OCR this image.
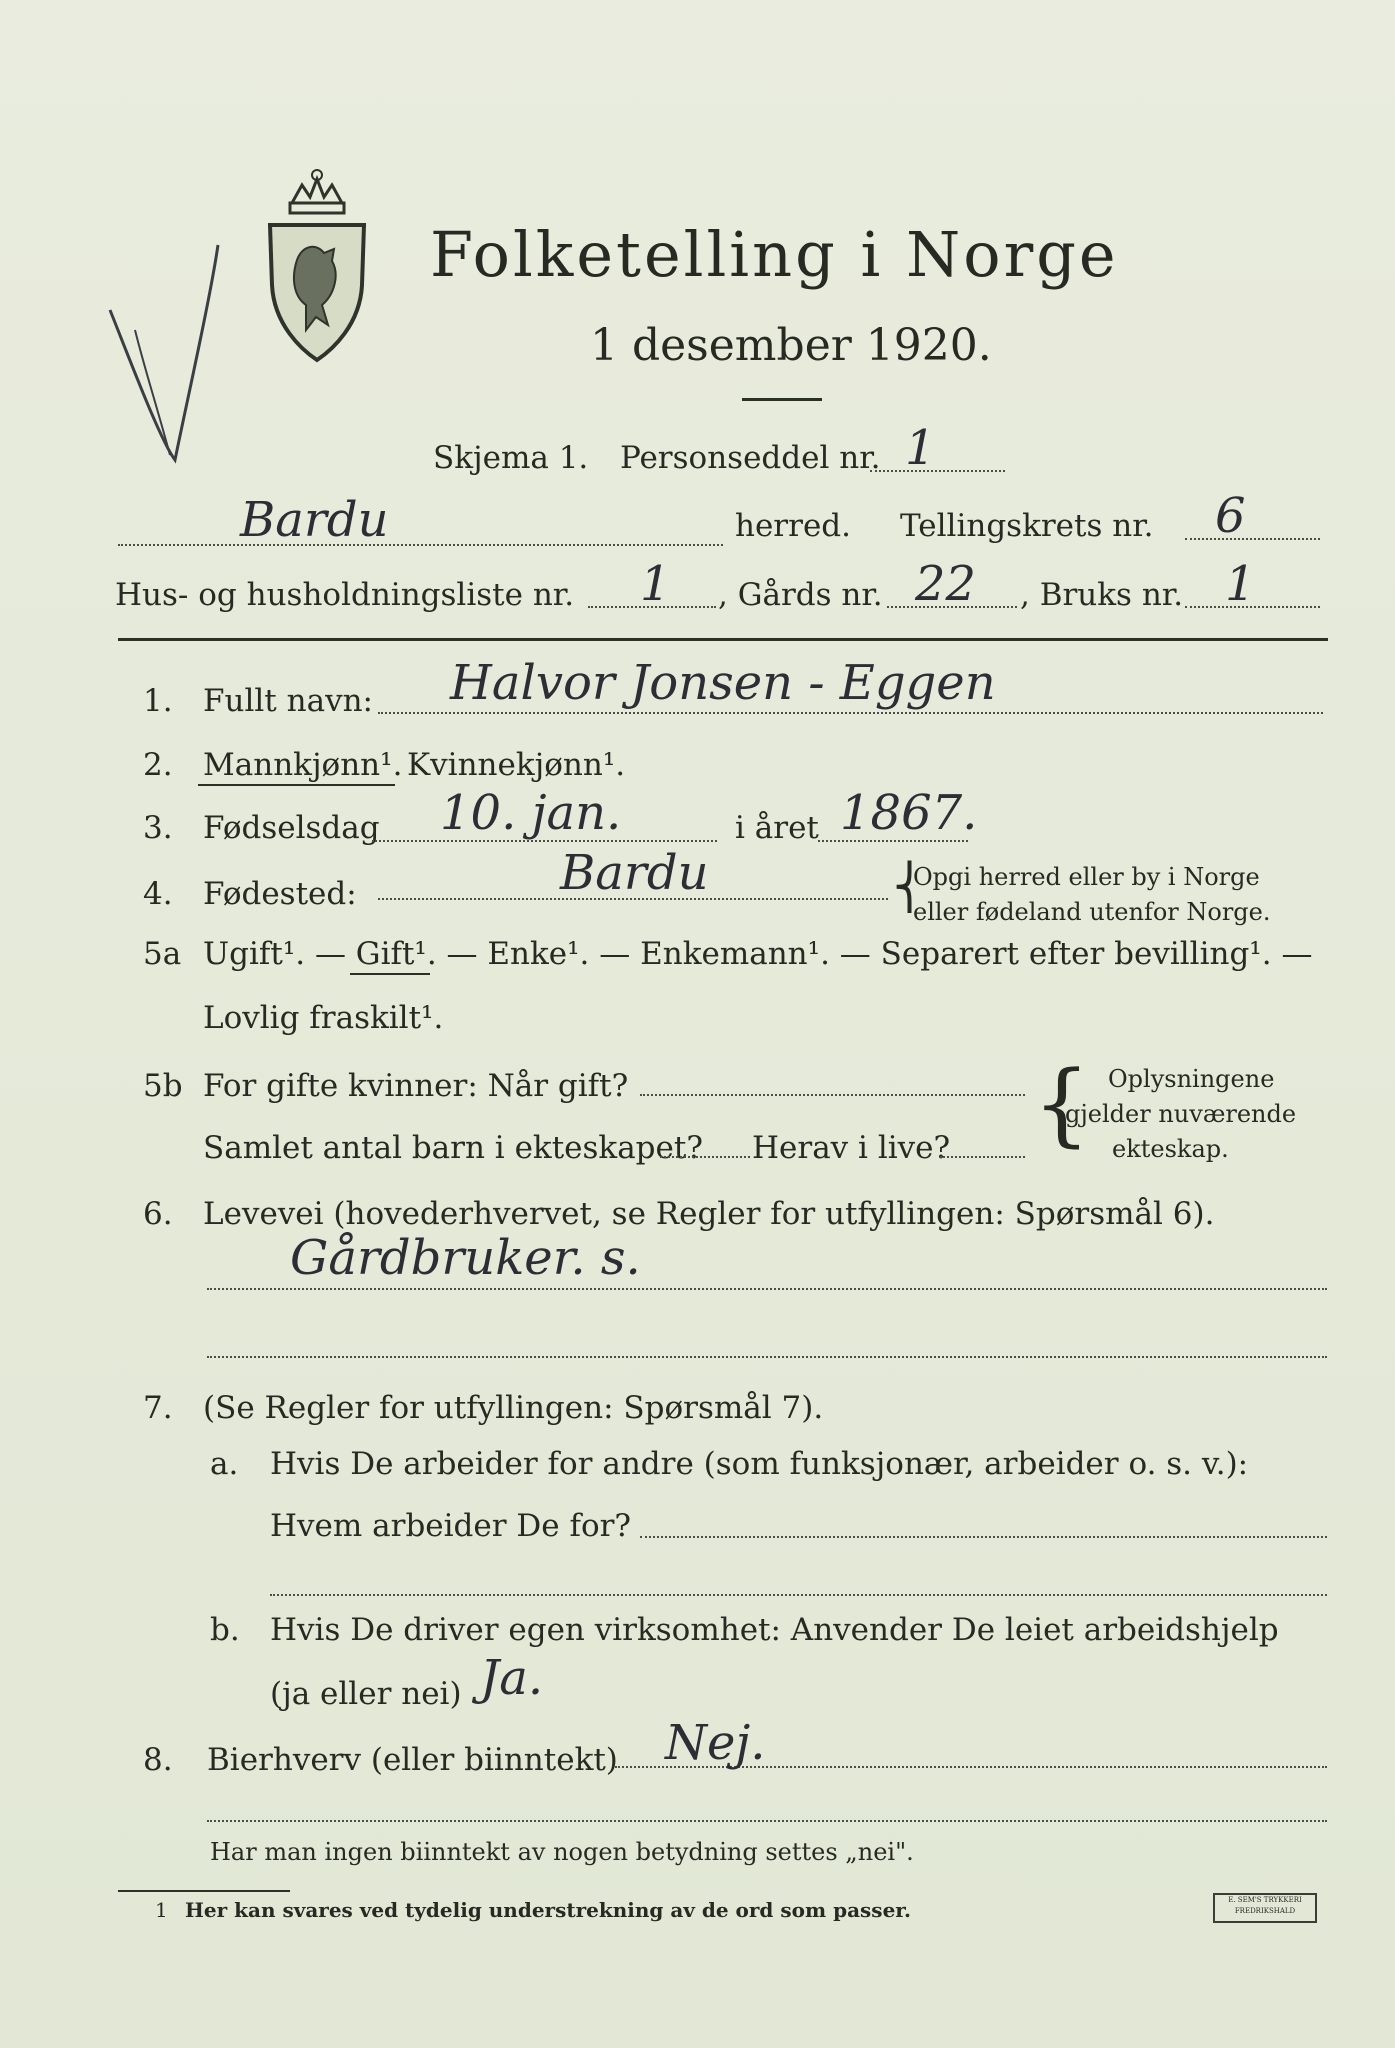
Folketelling i Norge
1 desember 1920.
Skjema 1. Personseddel nr. 1
Bardu	herred. Tellingskrets nr. 6
Hus- og husholdningsliste nr. 1 , Gårds nr. 22 , Bruks nr. 1
1. Fullt navn: Halvor Jonsen - Eggen
2. Mannkjønn¹. Kvinnekjønn¹.
3. Fødselsdag 10. jan.	i året 1867.
4. Fødested:	Bardu	Opgi herred eller by i Norge
eller fødeland utenfor Norge.
⎨
5a Ugift¹. — Gift¹. — Enke¹. — Enkemann¹. — Separert efter bevilling¹. —
Lovlig fraskilt¹.
5b For gifte kvinner: Når gift?
Samlet antal barn i ekteskapet? Herav i live? { Oplysningene
gjelder nuværende
ekteskap.
6. Levevei (hovederhvervet, se Regler for utfyllingen: Spørsmål 6).
Gårdbruker. s.
7. (Se Regler for utfyllingen: Spørsmål 7).
a. Hvis De arbeider for andre (som funksjonær, arbeider o. s. v.):
Hvem arbeider De for?
b. Hvis De driver egen virksomhet: Anvender De leiet arbeidshjelp
(ja eller nei) Ja.
8. Bierhverv (eller biinntekt) Nej.
Har man ingen biinntekt av nogen betydning settes „nei".
1 Her kan svares ved tydelig understrekning av de ord som passer.	E. SEM'S TRYKKERI FREDRIKSHALD
